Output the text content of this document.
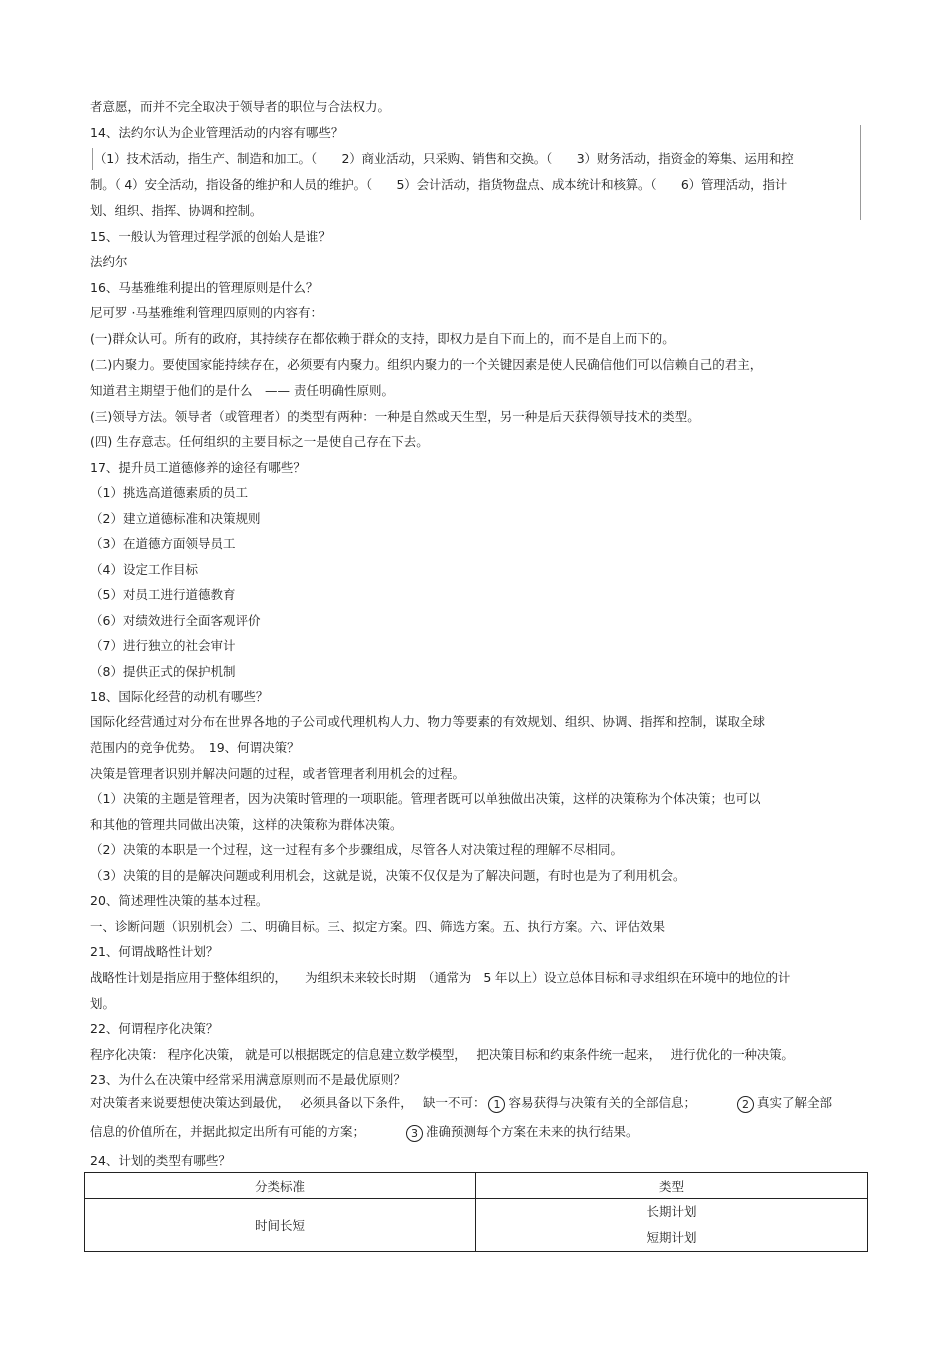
者意愿，而并不完全取决于领导者的职位与合法权力。
14、法约尔认为企业管理活动的内容有哪些？
（1）技术活动，指生产、制造和加工。（　　2）商业活动，只采购、销售和交换。（　　3）财务活动，指资金的筹集、运用和控
制。（ 4）安全活动，指设备的维护和人员的维护。（　　5）会计活动，指货物盘点、成本统计和核算。（　　6）管理活动，指计
划、组织、指挥、协调和控制。
15、一般认为管理过程学派的创始人是谁？
法约尔
16、马基雅维利提出的管理原则是什么？
尼可罗 ·马基雅维利管理四原则的内容有：
(一)群众认可。所有的政府，其持续存在都依赖于群众的支持，即权力是自下而上的，而不是自上而下的。
(二)内聚力。要使国家能持续存在，必须要有内聚力。组织内聚力的一个关键因素是使人民确信他们可以信赖自己的君主，
知道君主期望于他们的是什么　—— 责任明确性原则。
(三)领导方法。领导者（或管理者）的类型有两种：一种是自然或天生型，另一种是后天获得领导技术的类型。
(四) 生存意志。任何组织的主要目标之一是使自己存在下去。
17、提升员工道德修养的途径有哪些？
（1）挑选高道德素质的员工
（2）建立道德标准和决策规则
（3）在道德方面领导员工
（4）设定工作目标
（5）对员工进行道德教育
（6）对绩效进行全面客观评价
（7）进行独立的社会审计
（8）提供正式的保护机制
18、国际化经营的动机有哪些？
国际化经营通过对分布在世界各地的子公司或代理机构人力、物力等要素的有效规划、组织、协调、指挥和控制，谋取全球
范围内的竞争优势。　19、何谓决策？
决策是管理者识别并解决问题的过程，或者管理者利用机会的过程。
（1）决策的主题是管理者，因为决策时管理的一项职能。管理者既可以单独做出决策，这样的决策称为个体决策；也可以
和其他的管理共同做出决策，这样的决策称为群体决策。
（2）决策的本职是一个过程，这一过程有多个步骤组成，尽管各人对决策过程的理解不尽相同。
（3）决策的目的是解决问题或利用机会，这就是说，决策不仅仅是为了解决问题，有时也是为了利用机会。
20、简述理性决策的基本过程。
一、诊断问题（识别机会）二、明确目标。三、拟定方案。四、筛选方案。五、执行方案。六、评估效果
21、何谓战略性计划？
战略性计划是指应用于整体组织的，　　为组织未来较长时期　（通常为　5 年以上）设立总体目标和寻求组织在环境中的地位的计
划。
22、何谓程序化决策？
程序化决策： 程序化决策， 就是可以根据既定的信息建立数学模型，　 把决策目标和约束条件统一起来，　 进行优化的一种决策。
23、为什么在决策中经常采用满意原则而不是最优原则？
24、计划的类型有哪些？
对决策者来说要想使决策达到最优，　 必须具备以下条件，　 缺一不可： 1 容易获得与决策有关的全部信息；	2 真实了解全部
信息的价值所在，并据此拟定出所有可能的方案；	3 准确预测每个方案在未来的执行结果。
分类标准	类型
时间长短	长期计划
短期计划
